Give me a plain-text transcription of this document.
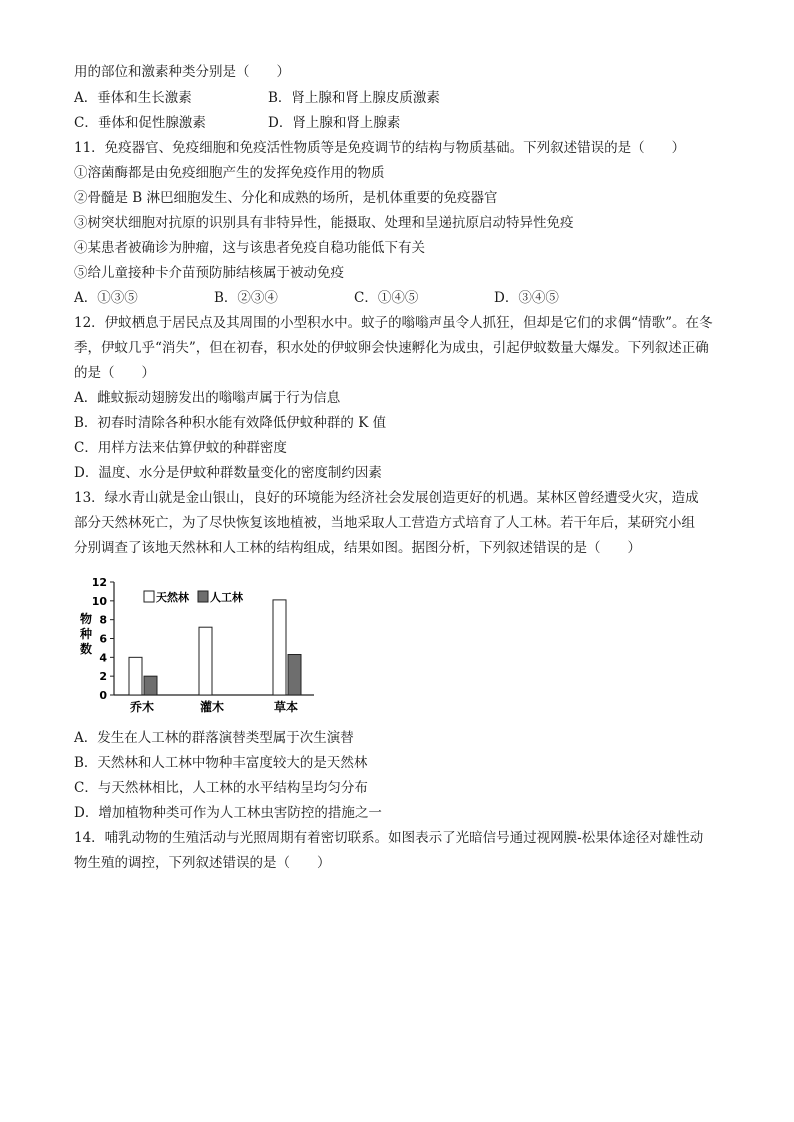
用的部位和激素种类分别是（　　）
A．垂体和生长激素	B．肾上腺和肾上腺皮质激素
C．垂体和促性腺激素	D．肾上腺和肾上腺素
11．免疫器官、免疫细胞和免疫活性物质等是免疫调节的结构与物质基础。下列叙述错误的是（　　）
①溶菌酶都是由免疫细胞产生的发挥免疫作用的物质
②骨髓是 B 淋巴细胞发生、分化和成熟的场所，是机体重要的免疫器官
③树突状细胞对抗原的识别具有非特异性，能摄取、处理和呈递抗原启动特异性免疫
④某患者被确诊为肿瘤，这与该患者免疫自稳功能低下有关
⑤给儿童接种卡介苗预防肺结核属于被动免疫
A．①③⑤	B．②③④	C．①④⑤	D．③④⑤
12．伊蚊栖息于居民点及其周围的小型积水中。蚊子的嗡嗡声虽令人抓狂，但却是它们的求偶“情歌”。在冬
季，伊蚊几乎“消失”，但在初春，积水处的伊蚊卵会快速孵化为成虫，引起伊蚊数量大爆发。下列叙述正确
的是（　　）
A．雌蚊振动翅膀发出的嗡嗡声属于行为信息
B．初春时清除各种积水能有效降低伊蚊种群的 K 值
C．用样方法来估算伊蚊的种群密度
D．温度、水分是伊蚊种群数量变化的密度制约因素
13．绿水青山就是金山银山，良好的环境能为经济社会发展创造更好的机遇。某林区曾经遭受火灾，造成
部分天然林死亡，为了尽快恢复该地植被，当地采取人工营造方式培育了人工林。若干年后，某研究小组
分别调查了该地天然林和人工林的结构组成，结果如图。据图分析，下列叙述错误的是（　　）
物
种
数
0
2
4
6
8
10
12
乔木	灌木	草本
天然林 人工林
A．发生在人工林的群落演替类型属于次生演替
B．天然林和人工林中物种丰富度较大的是天然林
C．与天然林相比，人工林的水平结构呈均匀分布
D．增加植物种类可作为人工林虫害防控的措施之一
14．哺乳动物的生殖活动与光照周期有着密切联系。如图表示了光暗信号通过视网膜-松果体途径对雄性动
物生殖的调控，下列叙述错误的是（　　）
